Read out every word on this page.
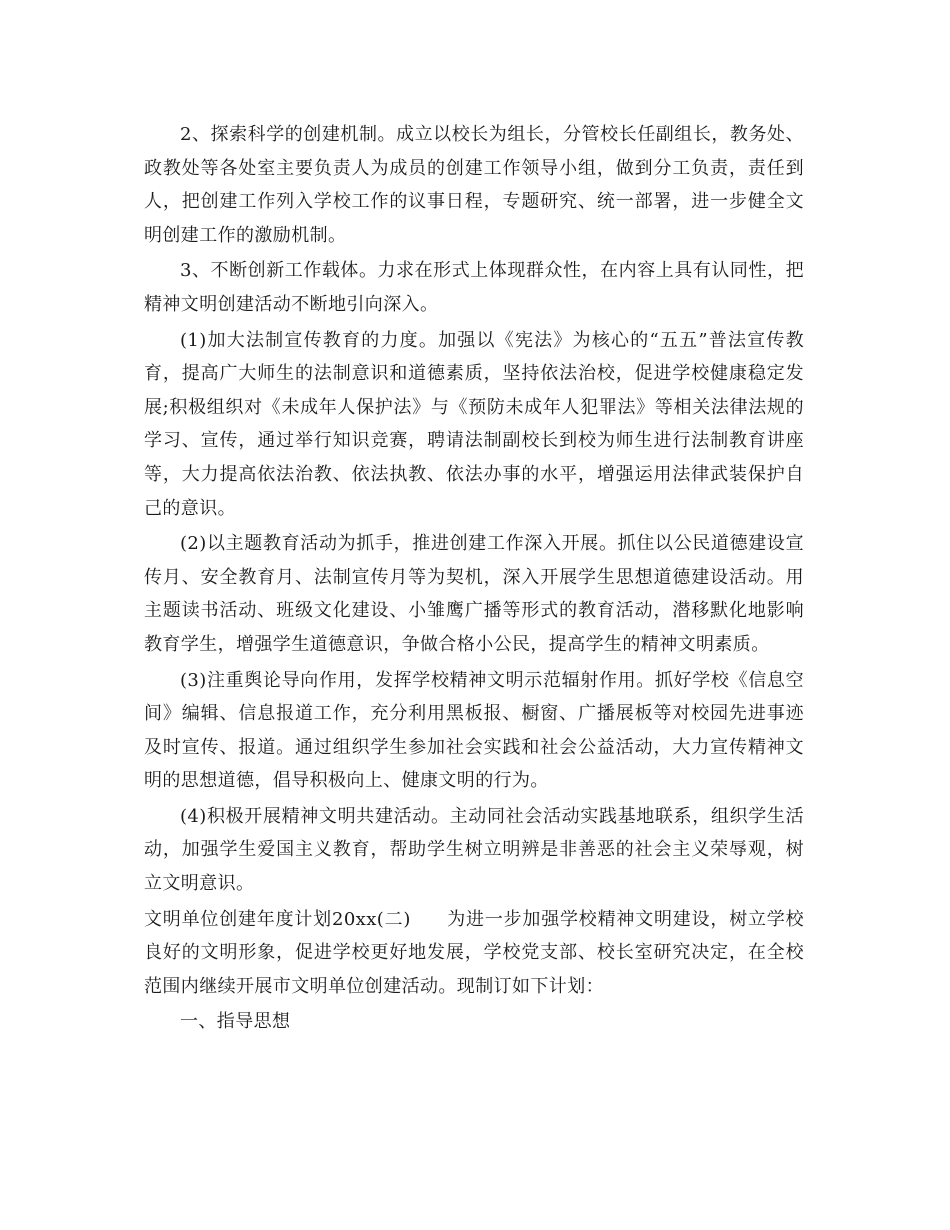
2、探索科学的创建机制。成立以校长为组长，分管校长任副组长，教务处、政教处等各处室主要负责人为成员的创建工作领导小组，做到分工负责，责任到人，把创建工作列入学校工作的议事日程，专题研究、统一部署，进一步健全文明创建工作的激励机制。

3、不断创新工作载体。力求在形式上体现群众性，在内容上具有认同性，把精神文明创建活动不断地引向深入。

(1)加大法制宣传教育的力度。加强以《宪法》为核心的“五五”普法宣传教育，提高广大师生的法制意识和道德素质，坚持依法治校，促进学校健康稳定发展;积极组织对《未成年人保护法》与《预防未成年人犯罪法》等相关法律法规的学习、宣传，通过举行知识竞赛，聘请法制副校长到校为师生进行法制教育讲座等，大力提高依法治教、依法执教、依法办事的水平，增强运用法律武装保护自己的意识。

(2)以主题教育活动为抓手，推进创建工作深入开展。抓住以公民道德建设宣传月、安全教育月、法制宣传月等为契机，深入开展学生思想道德建设活动。用主题读书活动、班级文化建设、小雏鹰广播等形式的教育活动，潜移默化地影响教育学生，增强学生道德意识，争做合格小公民，提高学生的精神文明素质。

(3)注重舆论导向作用，发挥学校精神文明示范辐射作用。抓好学校《信息空间》编辑、信息报道工作，充分利用黑板报、橱窗、广播展板等对校园先进事迹及时宣传、报道。通过组织学生参加社会实践和社会公益活动，大力宣传精神文明的思想道德，倡导积极向上、健康文明的行为。

(4)积极开展精神文明共建活动。主动同社会活动实践基地联系，组织学生活动，加强学生爱国主义教育，帮助学生树立明辨是非善恶的社会主义荣辱观，树立文明意识。

文明单位创建年度计划20xx(二) 为进一步加强学校精神文明建设，树立学校良好的文明形象，促进学校更好地发展，学校党支部、校长室研究决定，在全校范围内继续开展市文明单位创建活动。现制订如下计划：

一、指导思想
